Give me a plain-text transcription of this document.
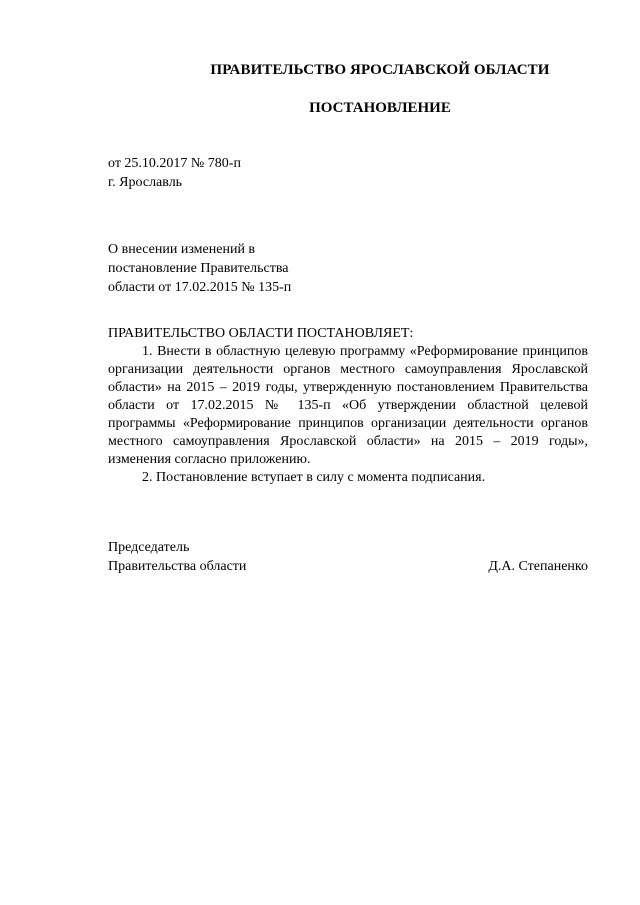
ПРАВИТЕЛЬСТВО ЯРОСЛАВСКОЙ ОБЛАСТИ
ПОСТАНОВЛЕНИЕ
от 25.10.2017 № 780-п
г. Ярославль
О внесении изменений в
постановление Правительства
области от 17.02.2015 № 135-п
ПРАВИТЕЛЬСТВО ОБЛАСТИ ПОСТАНОВЛЯЕТ:
1. Внести в областную целевую программу «Реформирование принципов организации деятельности органов местного самоуправления Ярославской области» на 2015 – 2019 годы, утвержденную постановлением Правительства области от 17.02.2015 № 135-п «Об утверждении областной целевой программы «Реформирование принципов организации деятельности органов местного самоуправления Ярославской области» на 2015 – 2019 годы», изменения согласно приложению.
2. Постановление вступает в силу с момента подписания.
Председатель
Правительства области	Д.А. Степаненко
